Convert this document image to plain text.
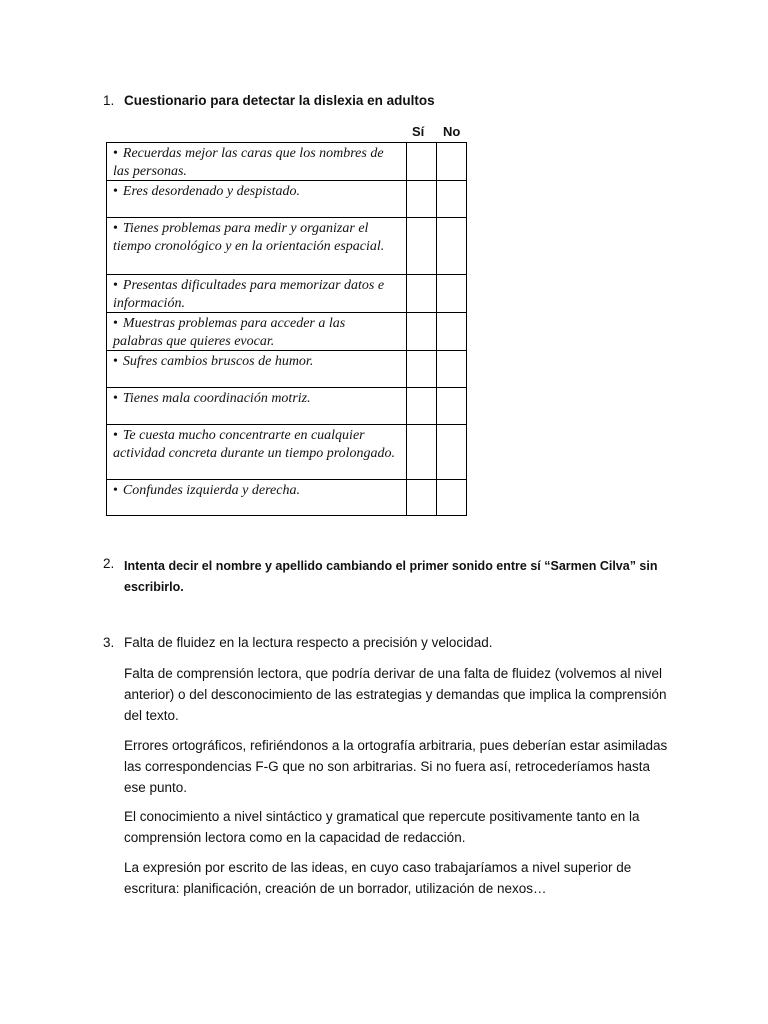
1. Cuestionario para detectar la dislexia en adultos
Sí No
• Recuerdas mejor las caras que los nombres de las personas.		
• Eres desordenado y despistado.		
• Tienes problemas para medir y organizar el tiempo cronológico y en la orientación espacial.		
• Presentas dificultades para memorizar datos e información.		
• Muestras problemas para acceder a las palabras que quieres evocar.		
• Sufres cambios bruscos de humor.		
• Tienes mala coordinación motriz.		
• Te cuesta mucho concentrarte en cualquier actividad concreta durante un tiempo prolongado.		
• Confundes izquierda y derecha.		
2. Intenta decir el nombre y apellido cambiando el primer sonido entre sí “Sarmen Cilva” sin escribirlo.
3. Falta de fluidez en la lectura respecto a precisión y velocidad.

Falta de comprensión lectora, que podría derivar de una falta de fluidez (volvemos al nivel anterior) o del desconocimiento de las estrategias y demandas que implica la comprensión del texto.

Errores ortográficos, refiriéndonos a la ortografía arbitraria, pues deberían estar asimiladas las correspondencias F-G que no son arbitrarias. Si no fuera así, retrocederíamos hasta ese punto.

El conocimiento a nivel sintáctico y gramatical que repercute positivamente tanto en la comprensión lectora como en la capacidad de redacción.

La expresión por escrito de las ideas, en cuyo caso trabajaríamos a nivel superior de escritura: planificación, creación de un borrador, utilización de nexos…
